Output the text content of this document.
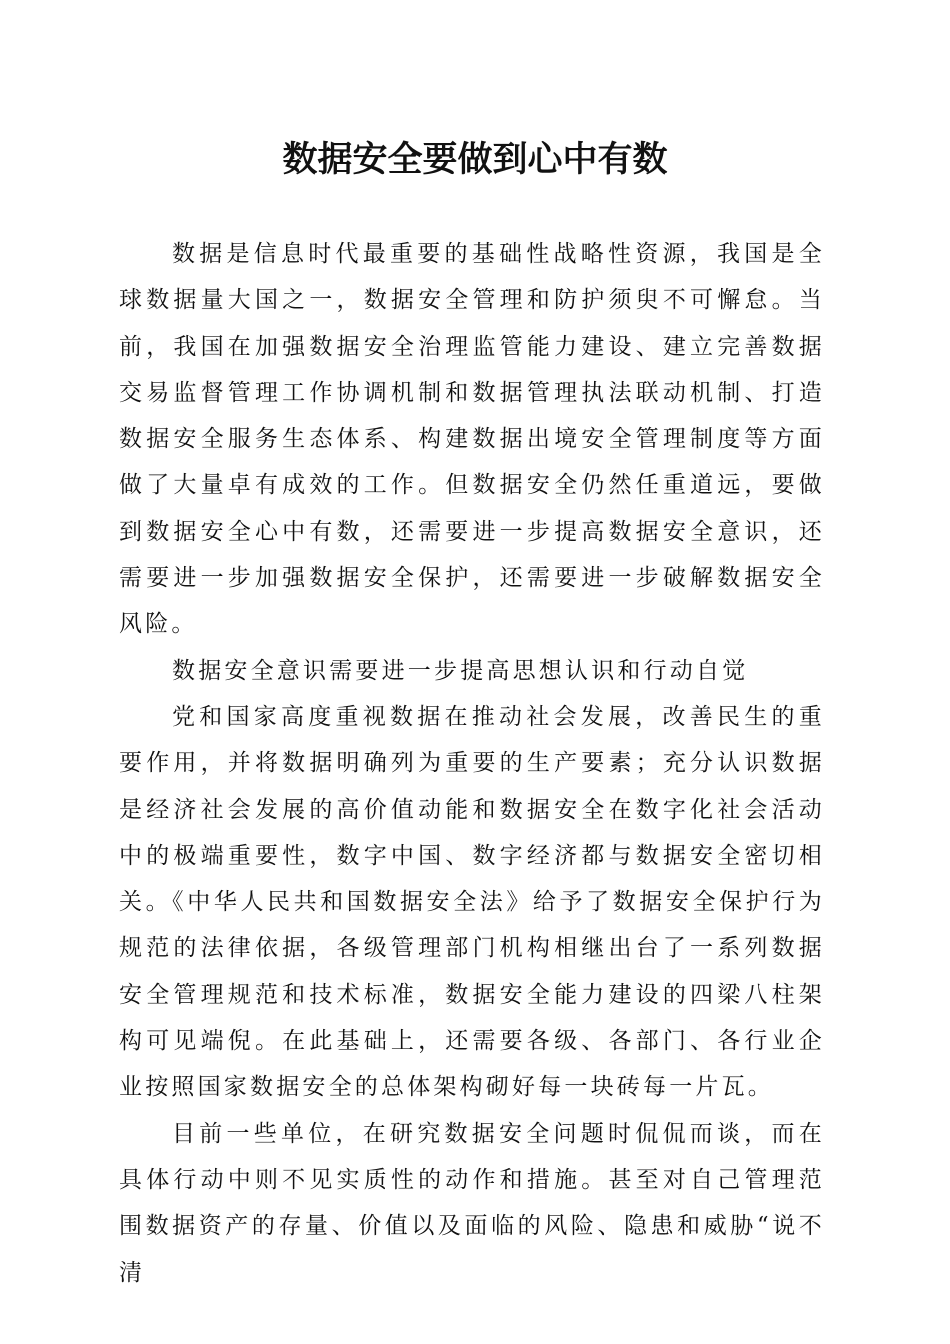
数据安全要做到心中有数

数据是信息时代最重要的基础性战略性资源，我国是全球数据量大国之一，数据安全管理和防护须臾不可懈怠。当前，我国在加强数据安全治理监管能力建设、建立完善数据交易监督管理工作协调机制和数据管理执法联动机制、打造数据安全服务生态体系、构建数据出境安全管理制度等方面做了大量卓有成效的工作。但数据安全仍然任重道远，要做到数据安全心中有数，还需要进一步提高数据安全意识，还需要进一步加强数据安全保护，还需要进一步破解数据安全风险。

数据安全意识需要进一步提高思想认识和行动自觉

党和国家高度重视数据在推动社会发展，改善民生的重要作用，并将数据明确列为重要的生产要素；充分认识数据是经济社会发展的高价值动能和数据安全在数字化社会活动中的极端重要性，数字中国、数字经济都与数据安全密切相关。《中华人民共和国数据安全法》给予了数据安全保护行为规范的法律依据，各级管理部门机构相继出台了一系列数据安全管理规范和技术标准，数据安全能力建设的四梁八柱架构可见端倪。在此基础上，还需要各级、各部门、各行业企业按照国家数据安全的总体架构砌好每一块砖每一片瓦。

目前一些单位，在研究数据安全问题时侃侃而谈，而在具体行动中则不见实质性的动作和措施。甚至对自己管理范围数据资产的存量、价值以及面临的风险、隐患和威胁“说不清
